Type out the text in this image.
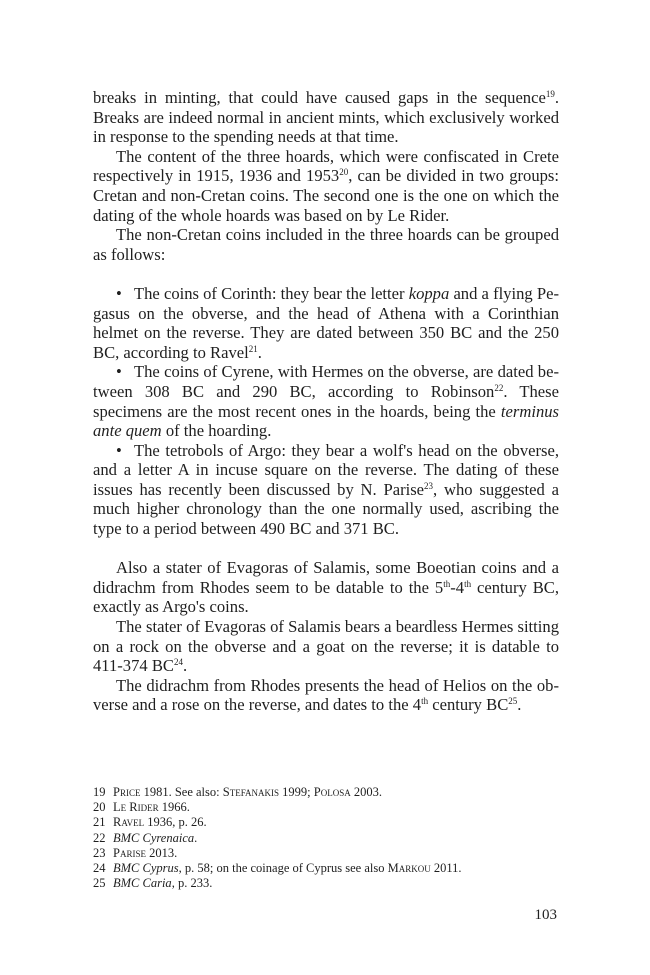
breaks in minting, that could have caused gaps in the sequence$^{19}$. Breaks are indeed normal in ancient mints, which exclusively worked in response to the spending needs at that time.

The content of the three hoards, which were confiscated in Crete respectively in 1915, 1936 and 1953$^{20}$, can be divided in two groups: Cretan and non-Cretan coins. The second one is the one on which the dating of the whole hoards was based on by Le Rider.

The non-Cretan coins included in the three hoards can be grouped as follows:

• The coins of Corinth: they bear the letter koppa and a flying Pegasus on the obverse, and the head of Athena with a Corinthian helmet on the reverse. They are dated between 350 BC and the 250 BC, according to Ravel$^{21}$.

• The coins of Cyrene, with Hermes on the obverse, are dated between 308 BC and 290 BC, according to Robinson$^{22}$. These specimens are the most recent ones in the hoards, being the terminus ante quem of the hoarding.

• The tetrobols of Argo: they bear a wolf's head on the obverse, and a letter A in incuse square on the reverse. The dating of these issues has recently been discussed by N. Parise$^{23}$, who suggested a much higher chronology than the one normally used, ascribing the type to a period between 490 BC and 371 BC.

Also a stater of Evagoras of Salamis, some Boeotian coins and a didrachm from Rhodes seem to be datable to the 5th-4th century BC, exactly as Argo's coins.

The stater of Evagoras of Salamis bears a beardless Hermes sitting on a rock on the obverse and a goat on the reverse; it is datable to 411-374 BC$^{24}$.

The didrachm from Rhodes presents the head of Helios on the obverse and a rose on the reverse, and dates to the 4th century BC$^{25}$.

19 Price 1981. See also: Stefanakis 1999; Polosa 2003.
20 Le Rider 1966.
21 Ravel 1936, p. 26.
22 BMC Cyrenaica.
23 Parise 2013.
24 BMC Cyprus, p. 58; on the coinage of Cyprus see also Markou 2011.
25 BMC Caria, p. 233.
103
